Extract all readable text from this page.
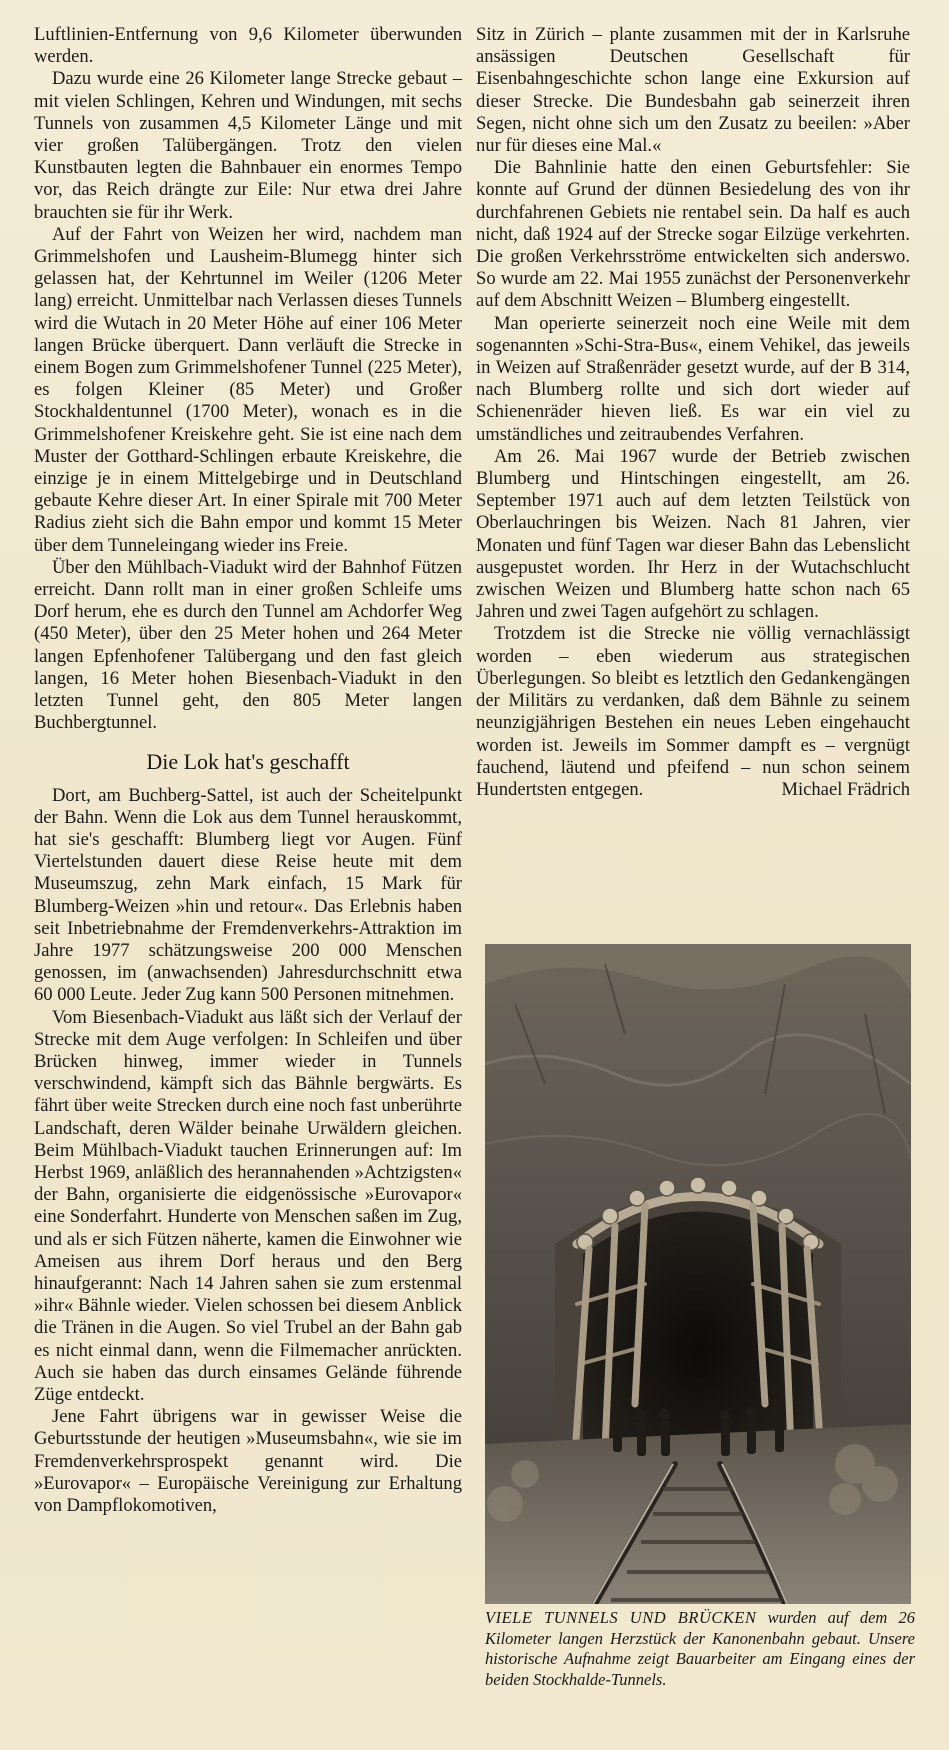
Luftlinien-Entfernung von 9,6 Kilometer überwunden werden.

Dazu wurde eine 26 Kilometer lange Strecke gebaut – mit vielen Schlingen, Kehren und Windungen, mit sechs Tunnels von zusammen 4,5 Kilometer Länge und mit vier großen Talübergängen. Trotz den vielen Kunstbauten legten die Bahnbauer ein enormes Tempo vor, das Reich drängte zur Eile: Nur etwa drei Jahre brauchten sie für ihr Werk.

Auf der Fahrt von Weizen her wird, nachdem man Grimmelshofen und Lausheim-Blumegg hinter sich gelassen hat, der Kehrtunnel im Weiler (1206 Meter lang) erreicht. Unmittelbar nach Verlassen dieses Tunnels wird die Wutach in 20 Meter Höhe auf einer 106 Meter langen Brücke überquert. Dann verläuft die Strecke in einem Bogen zum Grimmelshofener Tunnel (225 Meter), es folgen Kleiner (85 Meter) und Großer Stockhaldentunnel (1700 Meter), wonach es in die Grimmelshofener Kreiskehre geht. Sie ist eine nach dem Muster der Gotthard-Schlingen erbaute Kreiskehre, die einzige je in einem Mittelgebirge und in Deutschland gebaute Kehre dieser Art. In einer Spirale mit 700 Meter Radius zieht sich die Bahn empor und kommt 15 Meter über dem Tunneleingang wieder ins Freie.

Über den Mühlbach-Viadukt wird der Bahnhof Fützen erreicht. Dann rollt man in einer großen Schleife ums Dorf herum, ehe es durch den Tunnel am Achdorfer Weg (450 Meter), über den 25 Meter hohen und 264 Meter langen Epfenhofener Talübergang und den fast gleich langen, 16 Meter hohen Biesenbach-Viadukt in den letzten Tunnel geht, den 805 Meter langen Buchbergtunnel.

Die Lok hat's geschafft

Dort, am Buchberg-Sattel, ist auch der Scheitelpunkt der Bahn. Wenn die Lok aus dem Tunnel herauskommt, hat sie's geschafft: Blumberg liegt vor Augen. Fünf Viertelstunden dauert diese Reise heute mit dem Museumszug, zehn Mark einfach, 15 Mark für Blumberg-Weizen »hin und retour«. Das Erlebnis haben seit Inbetriebnahme der Fremdenverkehrs-Attraktion im Jahre 1977 schätzungsweise 200 000 Menschen genossen, im (anwachsenden) Jahresdurchschnitt etwa 60 000 Leute. Jeder Zug kann 500 Personen mitnehmen.

Vom Biesenbach-Viadukt aus läßt sich der Verlauf der Strecke mit dem Auge verfolgen: In Schleifen und über Brücken hinweg, immer wieder in Tunnels verschwindend, kämpft sich das Bähnle bergwärts. Es fährt über weite Strecken durch eine noch fast unberührte Landschaft, deren Wälder beinahe Urwäldern gleichen. Beim Mühlbach-Viadukt tauchen Erinnerungen auf: Im Herbst 1969, anläßlich des herannahenden »Achtzigsten« der Bahn, organisierte die eidgenössische »Eurovapor« eine Sonderfahrt. Hunderte von Menschen saßen im Zug, und als er sich Fützen näherte, kamen die Einwohner wie Ameisen aus ihrem Dorf heraus und den Berg hinaufgerannt: Nach 14 Jahren sahen sie zum erstenmal »ihr« Bähnle wieder. Vielen schossen bei diesem Anblick die Tränen in die Augen. So viel Trubel an der Bahn gab es nicht einmal dann, wenn die Filmemacher anrückten. Auch sie haben das durch einsames Gelände führende Züge entdeckt.

Jene Fahrt übrigens war in gewisser Weise die Geburtsstunde der heutigen »Museumsbahn«, wie sie im Fremdenverkehrsprospekt genannt wird. Die »Eurovapor« – Europäische Vereinigung zur Erhaltung von Dampflokomotiven,

Sitz in Zürich – plante zusammen mit der in Karlsruhe ansässigen Deutschen Gesellschaft für Eisenbahngeschichte schon lange eine Exkursion auf dieser Strecke. Die Bundesbahn gab seinerzeit ihren Segen, nicht ohne sich um den Zusatz zu beeilen: »Aber nur für dieses eine Mal.«

Die Bahnlinie hatte den einen Geburtsfehler: Sie konnte auf Grund der dünnen Besiedelung des von ihr durchfahrenen Gebiets nie rentabel sein. Da half es auch nicht, daß 1924 auf der Strecke sogar Eilzüge verkehrten. Die großen Verkehrsströme entwickelten sich anderswo. So wurde am 22. Mai 1955 zunächst der Personenverkehr auf dem Abschnitt Weizen – Blumberg eingestellt.

Man operierte seinerzeit noch eine Weile mit dem sogenannten »Schi-Stra-Bus«, einem Vehikel, das jeweils in Weizen auf Straßenräder gesetzt wurde, auf der B 314, nach Blumberg rollte und sich dort wieder auf Schienenräder hieven ließ. Es war ein viel zu umständliches und zeitraubendes Verfahren.

Am 26. Mai 1967 wurde der Betrieb zwischen Blumberg und Hintschingen eingestellt, am 26. September 1971 auch auf dem letzten Teilstück von Oberlauchringen bis Weizen. Nach 81 Jahren, vier Monaten und fünf Tagen war dieser Bahn das Lebenslicht ausgepustet worden. Ihr Herz in der Wutachschlucht zwischen Weizen und Blumberg hatte schon nach 65 Jahren und zwei Tagen aufgehört zu schlagen.

Trotzdem ist die Strecke nie völlig vernachlässigt worden – eben wiederum aus strategischen Überlegungen. So bleibt es letztlich den Gedankengängen der Militärs zu verdanken, daß dem Bähnle zu seinem neunzigjährigen Bestehen ein neues Leben eingehaucht worden ist. Jeweils im Sommer dampft es – vergnügt fauchend, läutend und pfeifend – nun schon seinem Hundertsten entgegen.	Michael Frädrich

VIELE TUNNELS UND BRÜCKEN wurden auf dem 26 Kilometer langen Herzstück der Kanonenbahn gebaut. Unsere historische Aufnahme zeigt Bauarbeiter am Eingang eines der beiden Stockhalde-Tunnels.
